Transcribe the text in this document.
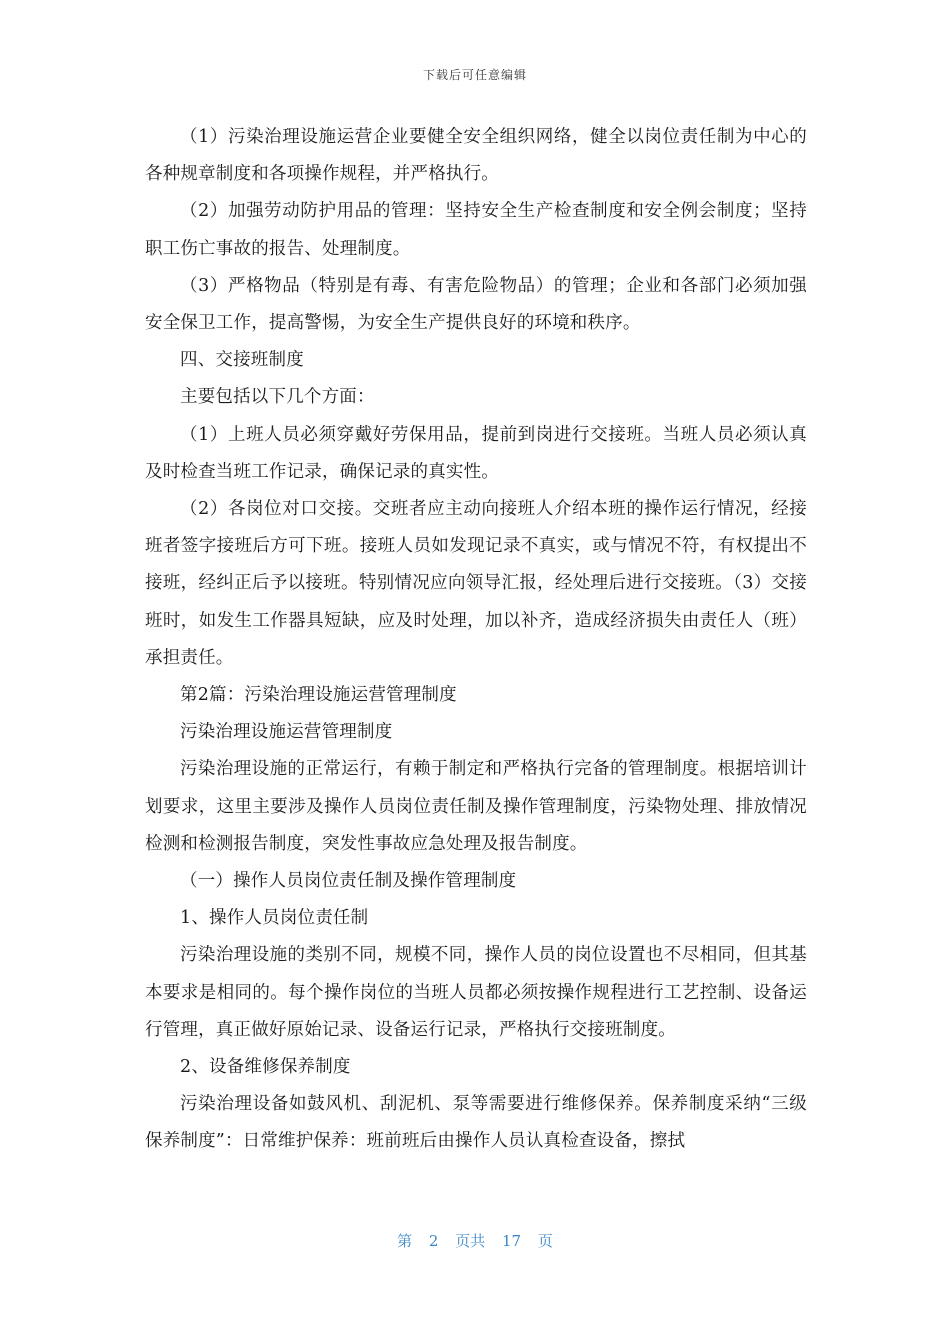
下载后可任意编辑

（1）污染治理设施运营企业要健全安全组织网络，健全以岗位责任制为中心的各种规章制度和各项操作规程，并严格执行。

（2）加强劳动防护用品的管理：坚持安全生产检查制度和安全例会制度；坚持职工伤亡事故的报告、处理制度。

（3）严格物品（特别是有毒、有害危险物品）的管理；企业和各部门必须加强安全保卫工作，提高警惕，为安全生产提供良好的环境和秩序。

四、交接班制度

主要包括以下几个方面：

（1）上班人员必须穿戴好劳保用品，提前到岗进行交接班。当班人员必须认真及时检查当班工作记录，确保记录的真实性。

（2）各岗位对口交接。交班者应主动向接班人介绍本班的操作运行情况，经接班者签字接班后方可下班。接班人员如发现记录不真实，或与情况不符，有权提出不接班，经纠正后予以接班。特别情况应向领导汇报，经处理后进行交接班。（3）交接班时，如发生工作器具短缺，应及时处理，加以补齐，造成经济损失由责任人（班）承担责任。

第2篇：污染治理设施运营管理制度

污染治理设施运营管理制度

污染治理设施的正常运行，有赖于制定和严格执行完备的管理制度。根据培训计划要求，这里主要涉及操作人员岗位责任制及操作管理制度，污染物处理、排放情况检测和检测报告制度，突发性事故应急处理及报告制度。

（一）操作人员岗位责任制及操作管理制度

1、操作人员岗位责任制

污染治理设施的类别不同，规模不同，操作人员的岗位设置也不尽相同，但其基本要求是相同的。每个操作岗位的当班人员都必须按操作规程进行工艺控制、设备运行管理，真正做好原始记录、设备运行记录，严格执行交接班制度。

2、设备维修保养制度

污染治理设备如鼓风机、刮泥机、泵等需要进行维修保养。保养制度采纳“三级保养制度”：日常维护保养：班前班后由操作人员认真检查设备，擦拭

第 2 页共 17 页
